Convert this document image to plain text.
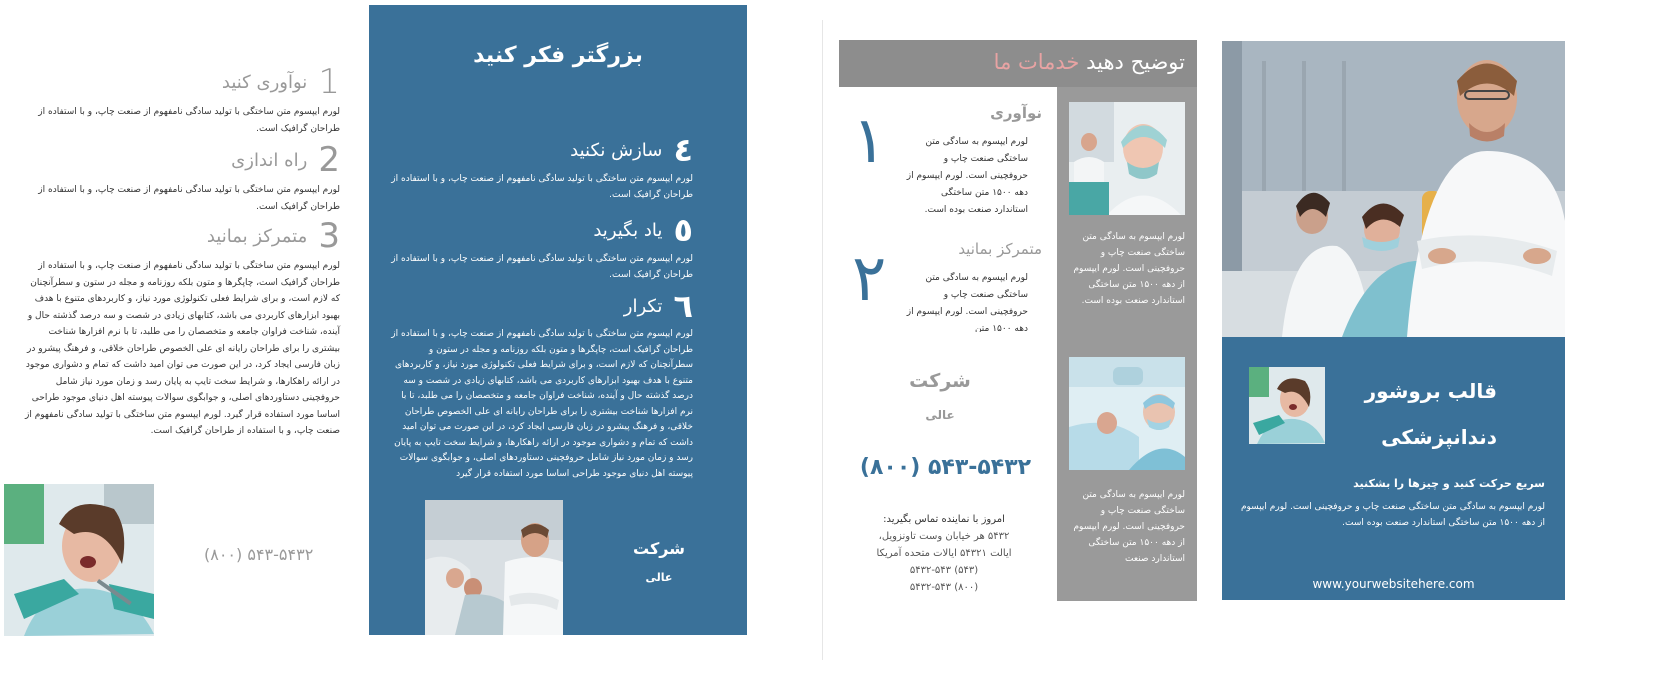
1 نوآوری کنید
لورم ایپسوم متن ساختگی با تولید سادگی نامفهوم از صنعت چاپ، و با استفاده از طراحان گرافیک است.
2 راه اندازی
لورم ایپسوم متن ساختگی با تولید سادگی نامفهوم از صنعت چاپ، و با استفاده از طراحان گرافیک است.
3 متمرکز بمانید
لورم ایپسوم متن ساختگی با تولید سادگی نامفهوم از صنعت چاپ، و با استفاده از طراحان گرافیک است، چاپگرها و متون بلکه روزنامه و مجله در ستون و سطرآنچنان که لازم است، و برای شرایط فعلی تکنولوژی مورد نیاز، و کاربردهای متنوع با هدف بهبود ابزارهای کاربردی می باشد، کتابهای زیادی در شصت و سه درصد گذشته حال و آینده، شناخت فراوان جامعه و متخصصان را می طلبد، تا با نرم افزارها شناخت بیشتری را برای طراحان رایانه ای علی الخصوص طراحان خلاقی، و فرهنگ پیشرو در زبان فارسی ایجاد کرد، در این صورت می توان امید داشت که تمام و دشواری موجود در ارائه راهکارها، و شرایط سخت تایپ به پایان رسد و زمان مورد نیاز شامل حروفچینی دستاوردهای اصلی، و جوابگوی سوالات پیوسته اهل دنیای موجود طراحی اساسا مورد استفاده قرار گیرد. لورم ایپسوم متن ساختگی با تولید سادگی نامفهوم از صنعت چاپ، و با استفاده از طراحان گرافیک است.
(۸۰۰) ۵۴۳-۵۴۳۲
بزرگتر فکر کنید
٤ سازش نکنید
لورم ایپسوم متن ساختگی با تولید سادگی نامفهوم از صنعت چاپ، و با استفاده از طراحان گرافیک است.
٥ یاد بگیرید
لورم ایپسوم متن ساختگی با تولید سادگی نامفهوم از صنعت چاپ، و با استفاده از طراحان گرافیک است.
٦ تکرار
لورم ایپسوم متن ساختگی با تولید سادگی نامفهوم از صنعت چاپ، و با استفاده از طراحان گرافیک است، چاپگرها و متون بلکه روزنامه و مجله در ستون و سطرآنچنان که لازم است، و برای شرایط فعلی تکنولوژی مورد نیاز، و کاربردهای متنوع با هدف بهبود ابزارهای کاربردی می باشد، کتابهای زیادی در شصت و سه درصد گذشته حال و آینده، شناخت فراوان جامعه و متخصصان را می طلبد، تا با نرم افزارها شناخت بیشتری را برای طراحان رایانه ای علی الخصوص طراحان خلاقی، و فرهنگ پیشرو در زبان فارسی ایجاد کرد، در این صورت می توان امید داشت که تمام و دشواری موجود در ارائه راهکارها، و شرایط سخت تایپ به پایان رسد و زمان مورد نیاز شامل حروفچینی دستاوردهای اصلی، و جوابگوی سوالات پیوسته اهل دنیای موجود طراحی اساسا مورد استفاده قرار گیرد
شرکت
عالی
توضیح دهید خدمات ما
لورم ایپسوم به سادگی متن ساختگی صنعت چاپ و حروفچینی است. لورم ایپسوم از دهه ۱۵۰۰ متن ساختگی استاندارد صنعت بوده است.
لورم ایپسوم به سادگی متن ساختگی صنعت چاپ و حروفچینی است. لورم ایپسوم از دهه ۱۵۰۰ متن ساختگی استاندارد صنعت
١	نوآوری
لورم ایپسوم به سادگی متن ساختگی صنعت چاپ و حروفچینی است. لورم ایپسوم از دهه ۱۵۰۰ متن ساختگی استاندارد صنعت بوده است.
٢	متمرکز بمانید
لورم ایپسوم به سادگی متن ساختگی صنعت چاپ و حروفچینی است. لورم ایپسوم از دهه ۱۵۰۰ متن
شرکت
عالی
(۸۰۰) ۵۴۳-۵۴۳۲
امروز با نماینده تماس بگیرید:
۵۴۳۲ هر خیابان وست تاونزویل،
ایالت ۵۴۳۲۱ ایالات متحده آمریکا
۵۴۳۲-۵۴۳ (۵۴۳)
۵۴۳۲-۵۴۳ (۸۰۰)
قالب بروشور
دندانپزشکی
سریع حرکت کنید و چیزها را بشکنید
لورم ایپسوم به سادگی متن ساختگی صنعت چاپ و حروفچینی است. لورم ایپسوم از دهه ۱۵۰۰ متن ساختگی استاندارد صنعت بوده است.
www.yourwebsitehere.com
